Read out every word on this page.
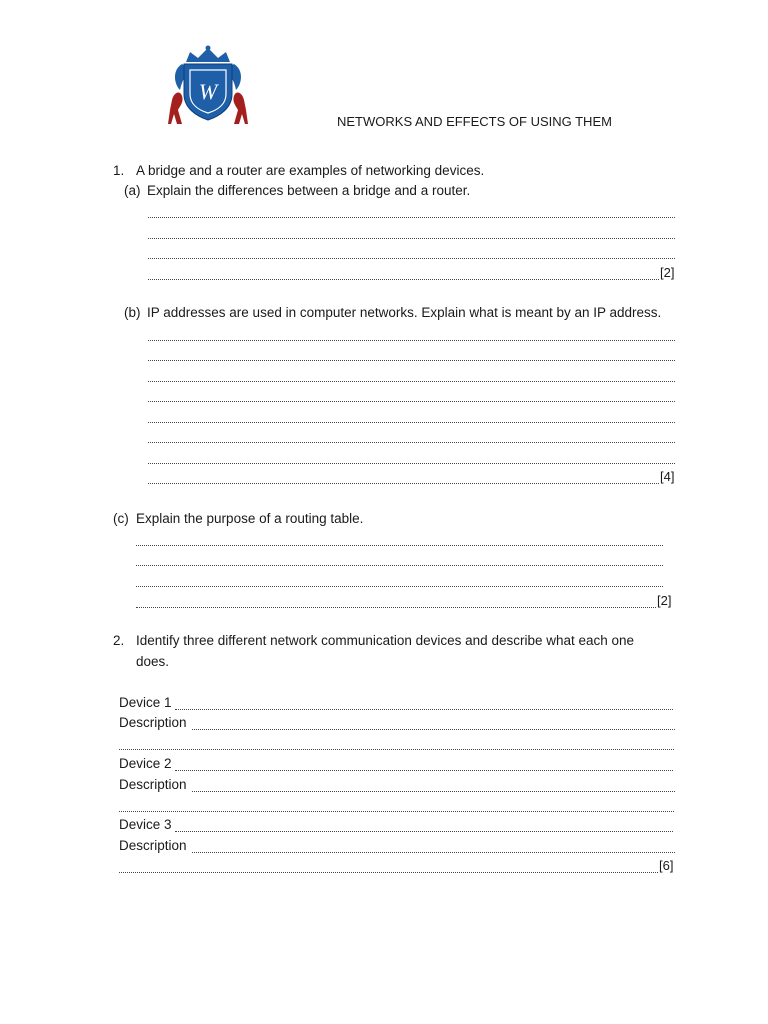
W
NETWORKS AND EFFECTS OF USING THEM
1. A bridge and a router are examples of networking devices.
(a) Explain the differences between a bridge and a router.
[2]
(b) IP addresses are used in computer networks. Explain what is meant by an IP address.
[4]
(c) Explain the purpose of a routing table.
[2]
2. Identify three different network communication devices and describe what each one
does.
Device 1
Description
Device 2
Description
Device 3
Description
[6]
